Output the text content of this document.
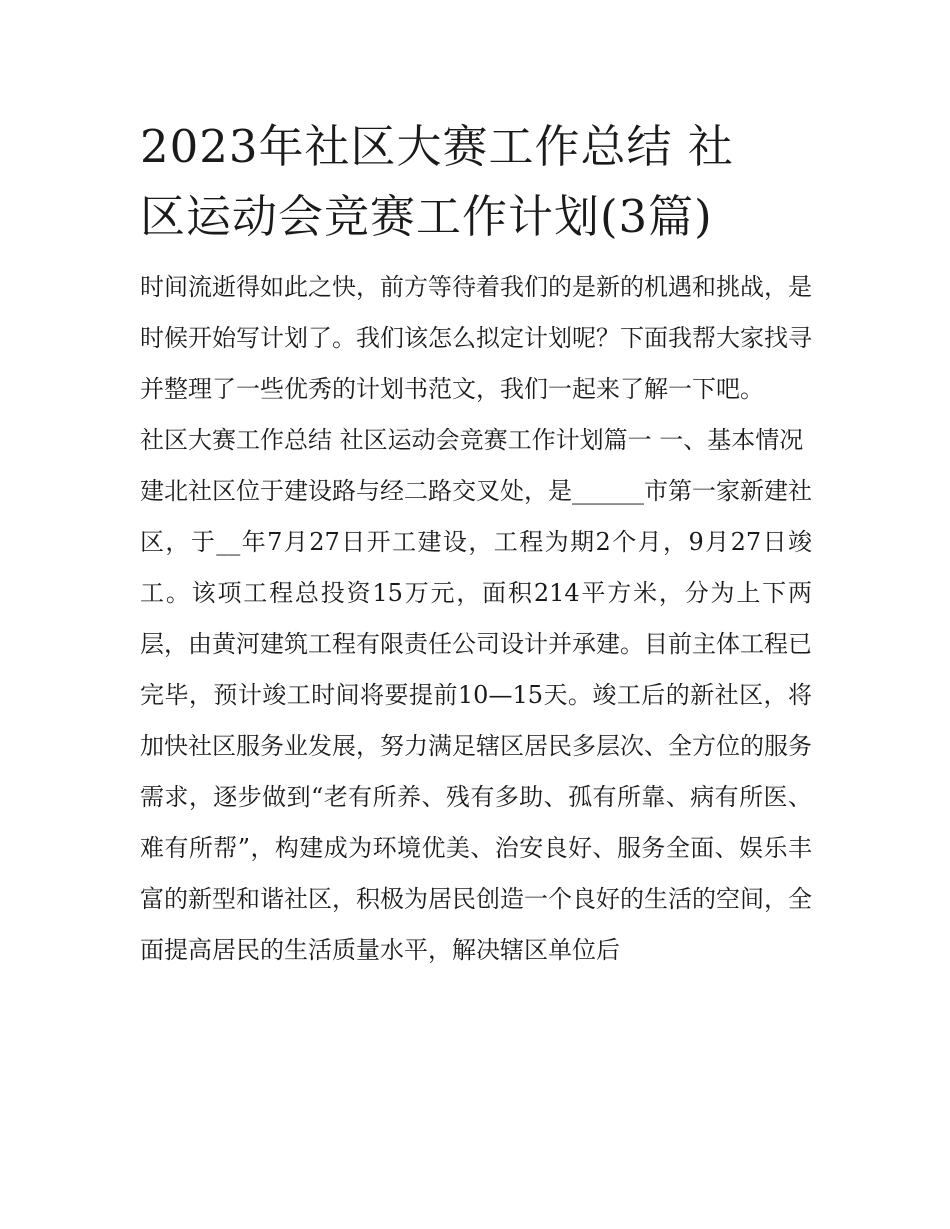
2023年社区大赛工作总结 社
区运动会竞赛工作计划(3篇)

时间流逝得如此之快，前方等待着我们的是新的机遇和挑战，是时候开始写计划了。我们该怎么拟定计划呢？下面我帮大家找寻并整理了一些优秀的计划书范文，我们一起来了解一下吧。

社区大赛工作总结 社区运动会竞赛工作计划篇一 一、基本情况

建北社区位于建设路与经二路交叉处，是______市第一家新建社区，于__年7月27日开工建设，工程为期2个月，9月27日竣工。该项工程总投资15万元，面积214平方米，分为上下两层，由黄河建筑工程有限责任公司设计并承建。目前主体工程已完毕，预计竣工时间将要提前10—15天。竣工后的新社区，将加快社区服务业发展，努力满足辖区居民多层次、全方位的服务需求，逐步做到“老有所养、残有多助、孤有所靠、病有所医、难有所帮”，构建成为环境优美、治安良好、服务全面、娱乐丰富的新型和谐社区，积极为居民创造一个良好的生活的空间，全面提高居民的生活质量水平，解决辖区单位后
